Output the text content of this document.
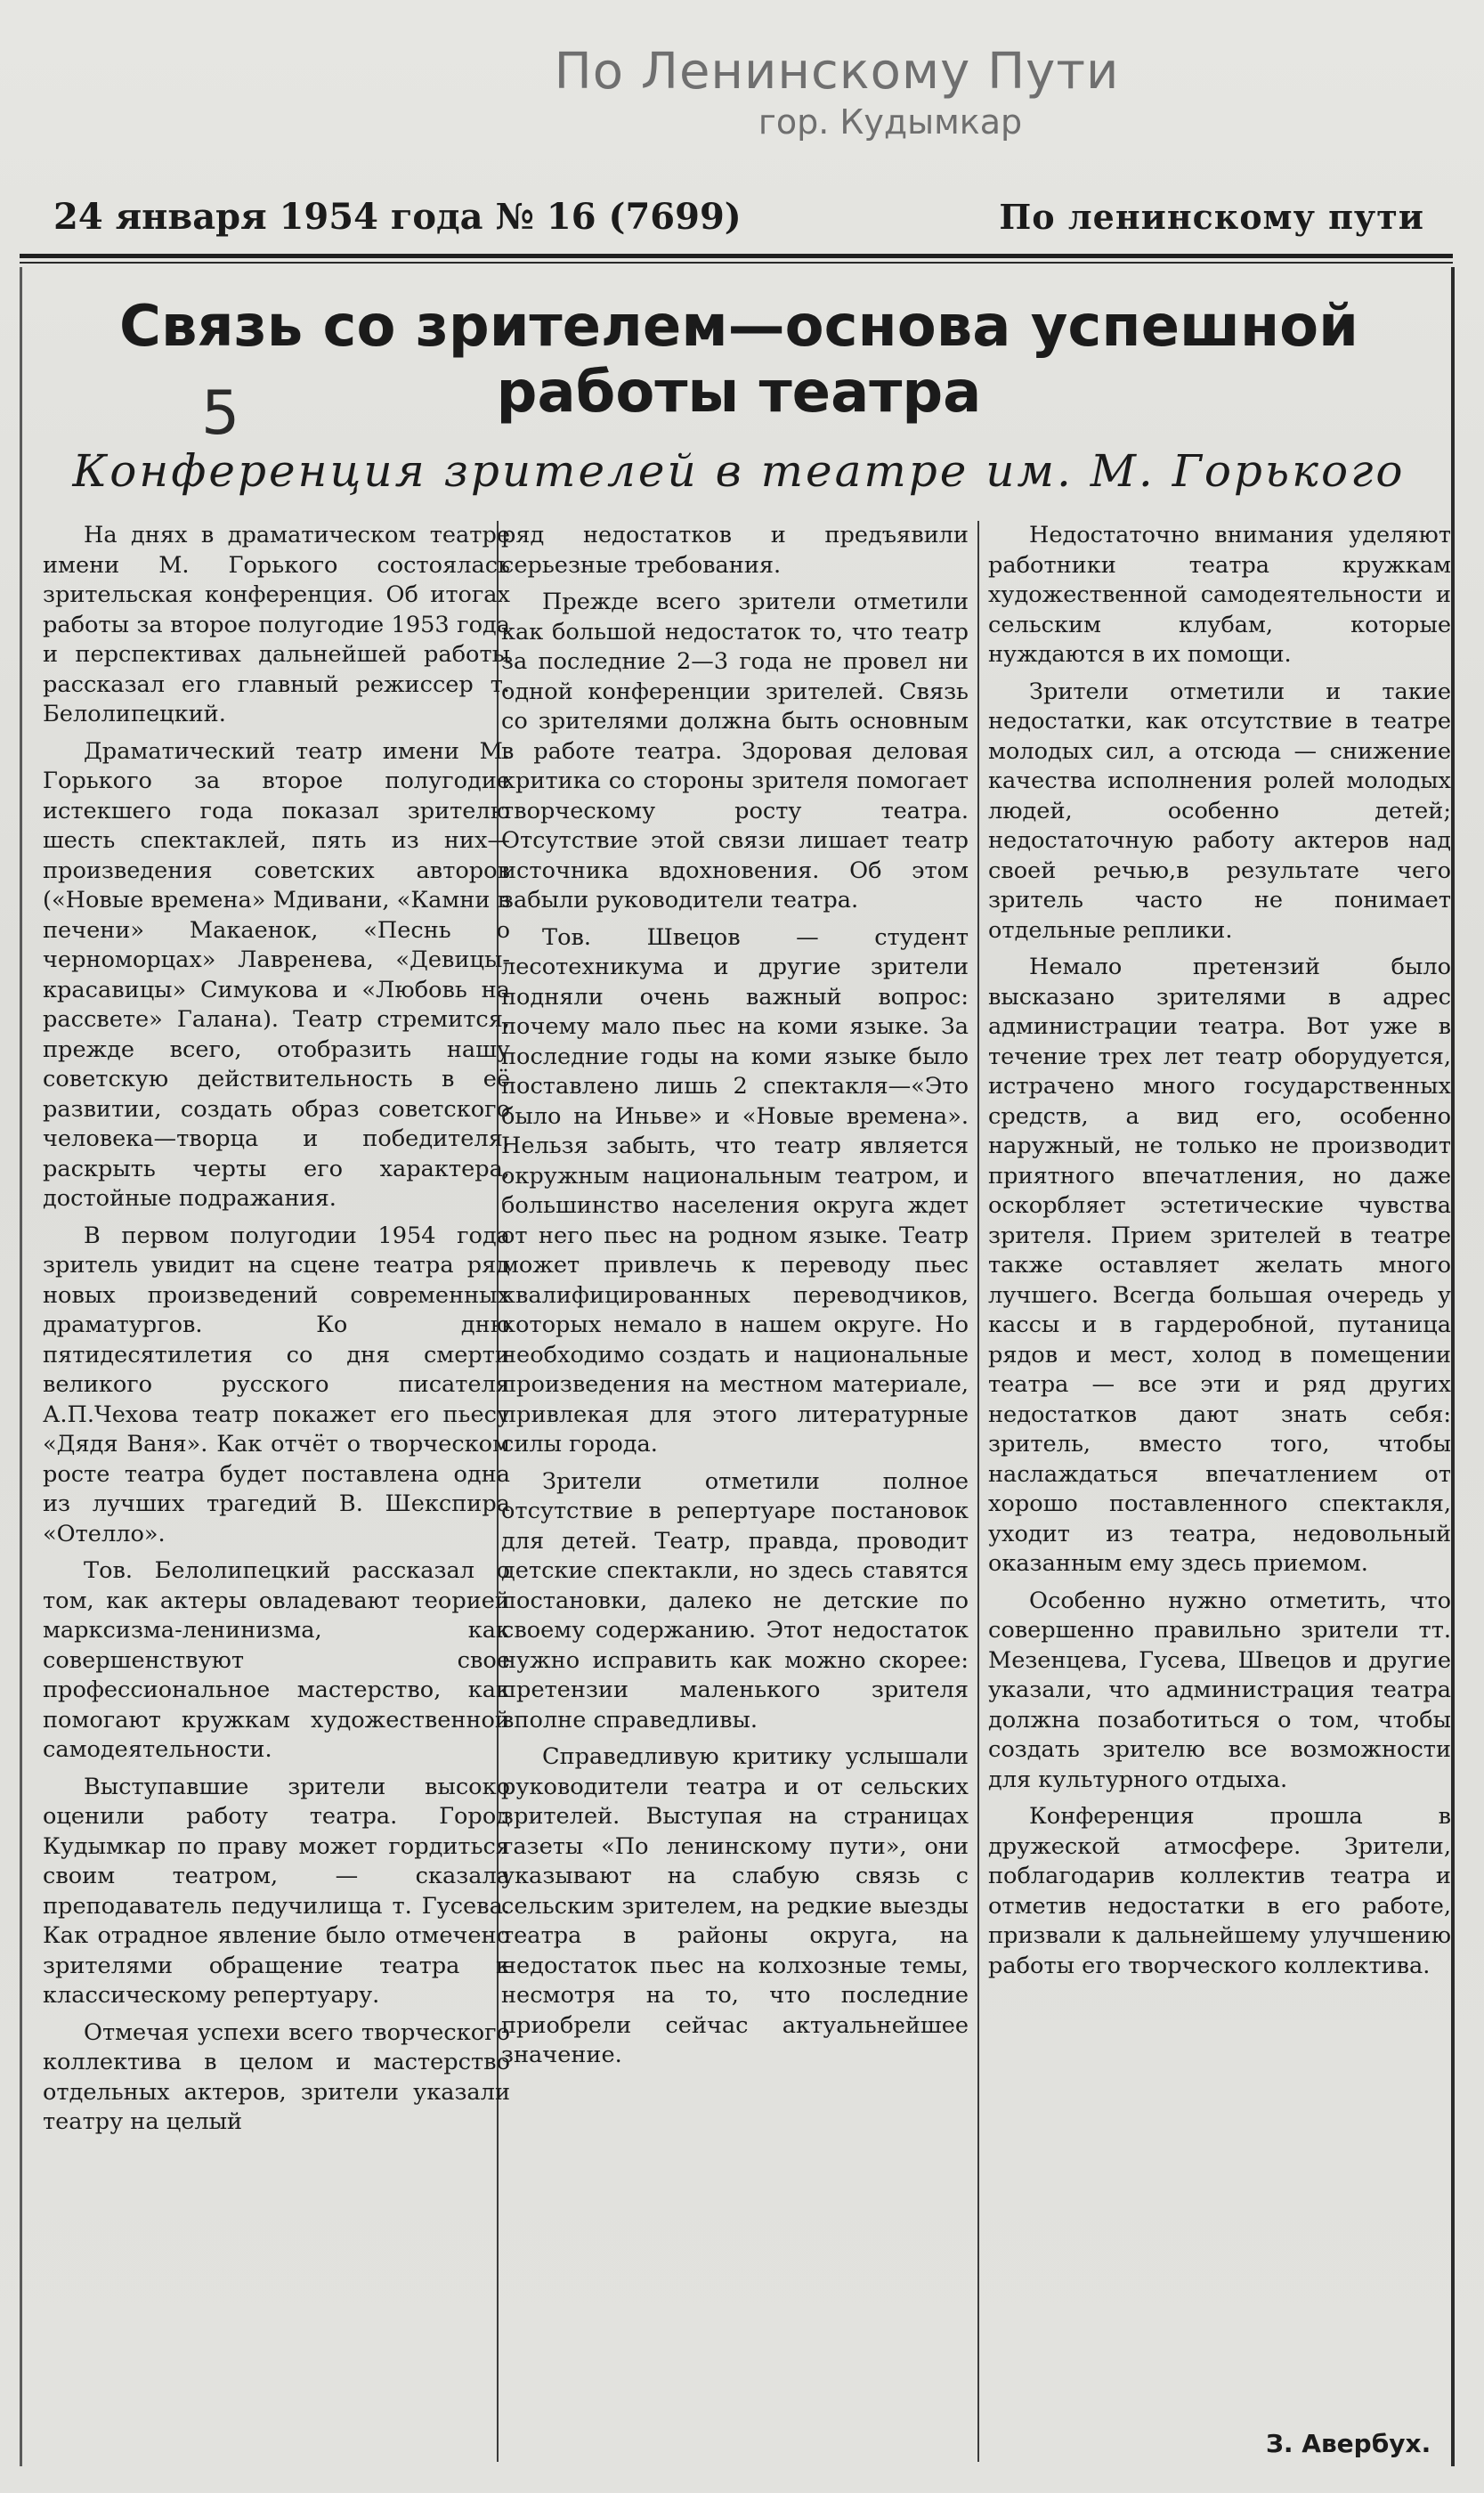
По Ленинскому Пути
гор. Кудымкар
24 января 1954 года № 16 (7699)	По ленинскому пути
Связь со зрителем—основа успешной
работы театра
5
Конференция зрителей в театре им. М. Горького

На днях в драматическом театре имени М. Горького состоялась зрительская конференция. Об итогах работы за второе полугодие 1953 года и перспективах дальнейшей работы рассказал его главный режиссер т. Белолипецкий.

Драматический театр имени М. Горького за второе полугодие истекшего года показал зрителю шесть спектаклей, пять из них— произведения советских авторов («Новые времена» Мдивани, «Камни в печени» Макаенок, «Песнь о черноморцах» Лавренева, «Девицы-красавицы» Симукова и «Любовь на рассвете» Галана). Театр стремится, прежде всего, отобразить нашу советскую действительность в её развитии, создать образ советского человека—творца и победителя, раскрыть черты его характера, достойные подражания.

В первом полугодии 1954 года зритель увидит на сцене театра ряд новых произведений современных драматургов. Ко дню пятидесятилетия со дня смерти великого русского писателя А.П.Чехова театр покажет его пьесу «Дядя Ваня». Как отчёт о творческом росте театра будет поставлена одна из лучших трагедий В. Шекспира «Отелло».

Тов. Белолипецкий рассказал о том, как актеры овладевают теорией марксизма-ленинизма, как совершенствуют свое профессиональное мастерство, как помогают кружкам художественной самодеятельности.

Выступавшие зрители высоко оценили работу театра. Город Кудымкар по праву может гордиться своим театром, — сказала преподаватель педучилища т. Гусева. Как отрадное явление было отмечено зрителями обращение театра к классическому репертуару.

Отмечая успехи всего творческого коллектива в целом и мастерство отдельных актеров, зрители указали театру на целый

ряд недостатков и предъявили серьезные требования.

Прежде всего зрители отметили как большой недостаток то, что театр за последние 2—3 года не провел ни одной конференции зрителей. Связь со зрителями должна быть основным в работе театра. Здоровая деловая критика со стороны зрителя помогает творческому росту театра. Отсутствие этой связи лишает театр источника вдохновения. Об этом забыли руководители театра.

Тов. Швецов — студент лесотехникума и другие зрители подняли очень важный вопрос: почему мало пьес на коми языке. За последние годы на коми языке было поставлено лишь 2 спектакля—«Это было на Иньве» и «Новые времена». Нельзя забыть, что театр является окружным национальным театром, и большинство населения округа ждет от него пьес на родном языке. Театр может привлечь к переводу пьес квалифицированных переводчиков, которых немало в нашем округе. Но необходимо создать и национальные произведения на местном материале, привлекая для этого литературные силы города.

Зрители отметили полное отсутствие в репертуаре постановок для детей. Театр, правда, проводит детские спектакли, но здесь ставятся постановки, далеко не детские по своему содержанию. Этот недостаток нужно исправить как можно скорее: претензии маленького зрителя вполне справедливы.

Справедливую критику услышали руководители театра и от сельских зрителей. Выступая на страницах газеты «По ленинскому пути», они указывают на слабую связь с сельским зрителем, на редкие выезды театра в районы округа, на недостаток пьес на колхозные темы, несмотря на то, что последние приобрели сейчас актуальнейшее значение.

Недостаточно внимания уделяют работники театра кружкам художественной самодеятельности и сельским клубам, которые нуждаются в их помощи.

Зрители отметили и такие недостатки, как отсутствие в театре молодых сил, а отсюда — снижение качества исполнения ролей молодых людей, особенно детей; недостаточную работу актеров над своей речью,в результате чего зритель часто не понимает отдельные реплики.

Немало претензий было высказано зрителями в адрес администрации театра. Вот уже в течение трех лет театр оборудуется, истрачено много государственных средств, а вид его, особенно наружный, не только не производит приятного впечатления, но даже оскорбляет эстетические чувства зрителя. Прием зрителей в театре также оставляет желать много лучшего. Всегда большая очередь у кассы и в гардеробной, путаница рядов и мест, холод в помещении театра — все эти и ряд других недостатков дают знать себя: зритель, вместо того, чтобы наслаждаться впечатлением от хорошо поставленного спектакля, уходит из театра, недовольный оказанным ему здесь приемом.

Особенно нужно отметить, что совершенно правильно зрители тт. Мезенцева, Гусева, Швецов и другие указали, что администрация театра должна позаботиться о том, чтобы создать зрителю все возможности для культурного отдыха.

Конференция прошла в дружеской атмосфере. Зрители, поблагодарив коллектив театра и отметив недостатки в его работе, призвали к дальнейшему улучшению работы его творческого коллектива.

З. Авербух.
